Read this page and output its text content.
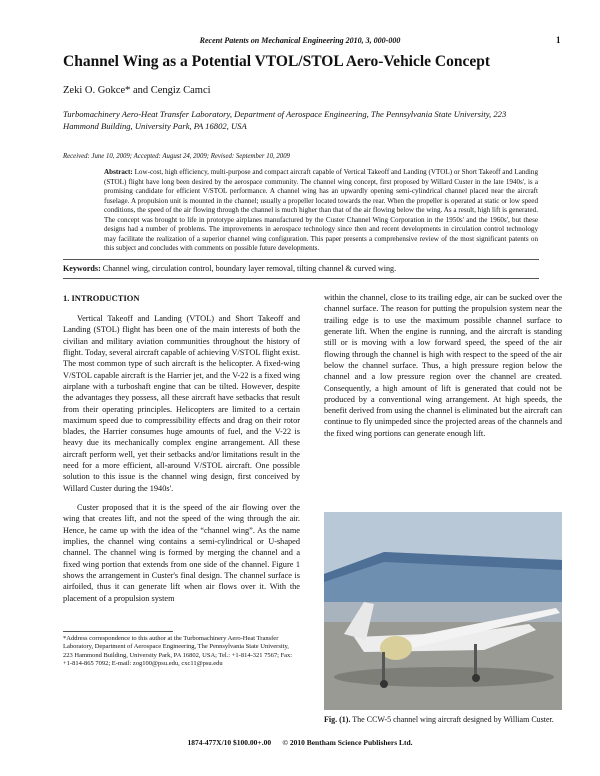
Recent Patents on Mechanical Engineering 2010, 3, 000-000	1
Channel Wing as a Potential VTOL/STOL Aero-Vehicle Concept
Zeki O. Gokce* and Cengiz Camci
Turbomachinery Aero-Heat Transfer Laboratory, Department of Aerospace Engineering, The Pennsylvania State University, 223 Hammond Building, University Park, PA 16802, USA
Received: June 10, 2009; Accepted: August 24, 2009; Revised: September 10, 2009
Abstract: Low-cost, high efficiency, multi-purpose and compact aircraft capable of Vertical Takeoff and Landing (VTOL) or Short Takeoff and Landing (STOL) flight have long been desired by the aerospace community. The channel wing concept, first proposed by Willard Custer in the late 1940s', is a promising candidate for efficient V/STOL performance. A channel wing has an upwardly opening semi-cylindrical channel placed near the aircraft fuselage. A propulsion unit is mounted in the channel; usually a propeller located towards the rear. When the propeller is operated at static or low speed conditions, the speed of the air flowing through the channel is much higher than that of the air flowing below the wing. As a result, high lift is generated. The concept was brought to life in prototype airplanes manufactured by the Custer Channel Wing Corporation in the 1950s' and the 1960s', but these designs had a number of problems. The improvements in aerospace technology since then and recent developments in circulation control technology may facilitate the realization of a superior channel wing configuration. This paper presents a comprehensive review of the most significant patents on this subject and concludes with comments on possible future developments.
Keywords: Channel wing, circulation control, boundary layer removal, tilting channel & curved wing.
1. INTRODUCTION

Vertical Takeoff and Landing (VTOL) and Short Takeoff and Landing (STOL) flight has been one of the main interests of both the civilian and military aviation communities throughout the history of flight. Today, several aircraft capable of achieving V/STOL flight exist. The most common type of such aircraft is the helicopter. A fixed-wing V/STOL capable aircraft is the Harrier jet, and the V-22 is a fixed wing airplane with a turboshaft engine that can be tilted. However, despite the advantages they possess, all these aircraft have setbacks that result from their operating principles. Helicopters are limited to a certain maximum speed due to compressibility effects and drag on their rotor blades, the Harrier consumes huge amounts of fuel, and the V-22 is heavy due its mechanically complex engine arrangement. All these aircraft perform well, yet their setbacks and/or limitations result in the need for a more efficient, all-around V/STOL aircraft. One possible solution to this issue is the channel wing design, first conceived by Willard Custer during the 1940s'.

Custer proposed that it is the speed of the air flowing over the wing that creates lift, and not the speed of the wing through the air. Hence, he came up with the idea of the “channel wing”. As the name implies, the channel wing contains a semi-cylindrical or U-shaped channel. The channel wing is formed by merging the channel and a fixed wing portion that extends from one side of the channel. Figure 1 shows the arrangement in Custer's final design. The channel surface is airfoiled, thus it can generate lift when air flows over it. With the placement of a propulsion system

*Address correspondence to this author at the Turbomachinery Aero-Heat Transfer Laboratory, Department of Aerospace Engineering, The Pennsylvania State University, 223 Hammond Building, University Park, PA 16802, USA; Tel.: +1-814-321 7567; Fax: +1-814-865 7092; E-mail: zog100@psu.edu, cxc11@psu.edu

within the channel, close to its trailing edge, air can be sucked over the channel surface. The reason for putting the propulsion system near the trailing edge is to use the maximum possible channel surface to generate lift. When the engine is running, and the aircraft is standing still or is moving with a low forward speed, the speed of the air flowing through the channel is high with respect to the speed of the air below the channel surface. Thus, a high pressure region below the channel and a low pressure region over the channel are created. Consequently, a high amount of lift is generated that could not be produced by a conventional wing arrangement. At high speeds, the benefit derived from using the channel is eliminated but the aircraft can continue to fly unimpeded since the projected areas of the channels and the fixed wing portions can generate enough lift.

Fig. (1). The CCW-5 channel wing aircraft designed by William Custer.
1874-477X/10 $100.00+.00 © 2010 Bentham Science Publishers Ltd.
